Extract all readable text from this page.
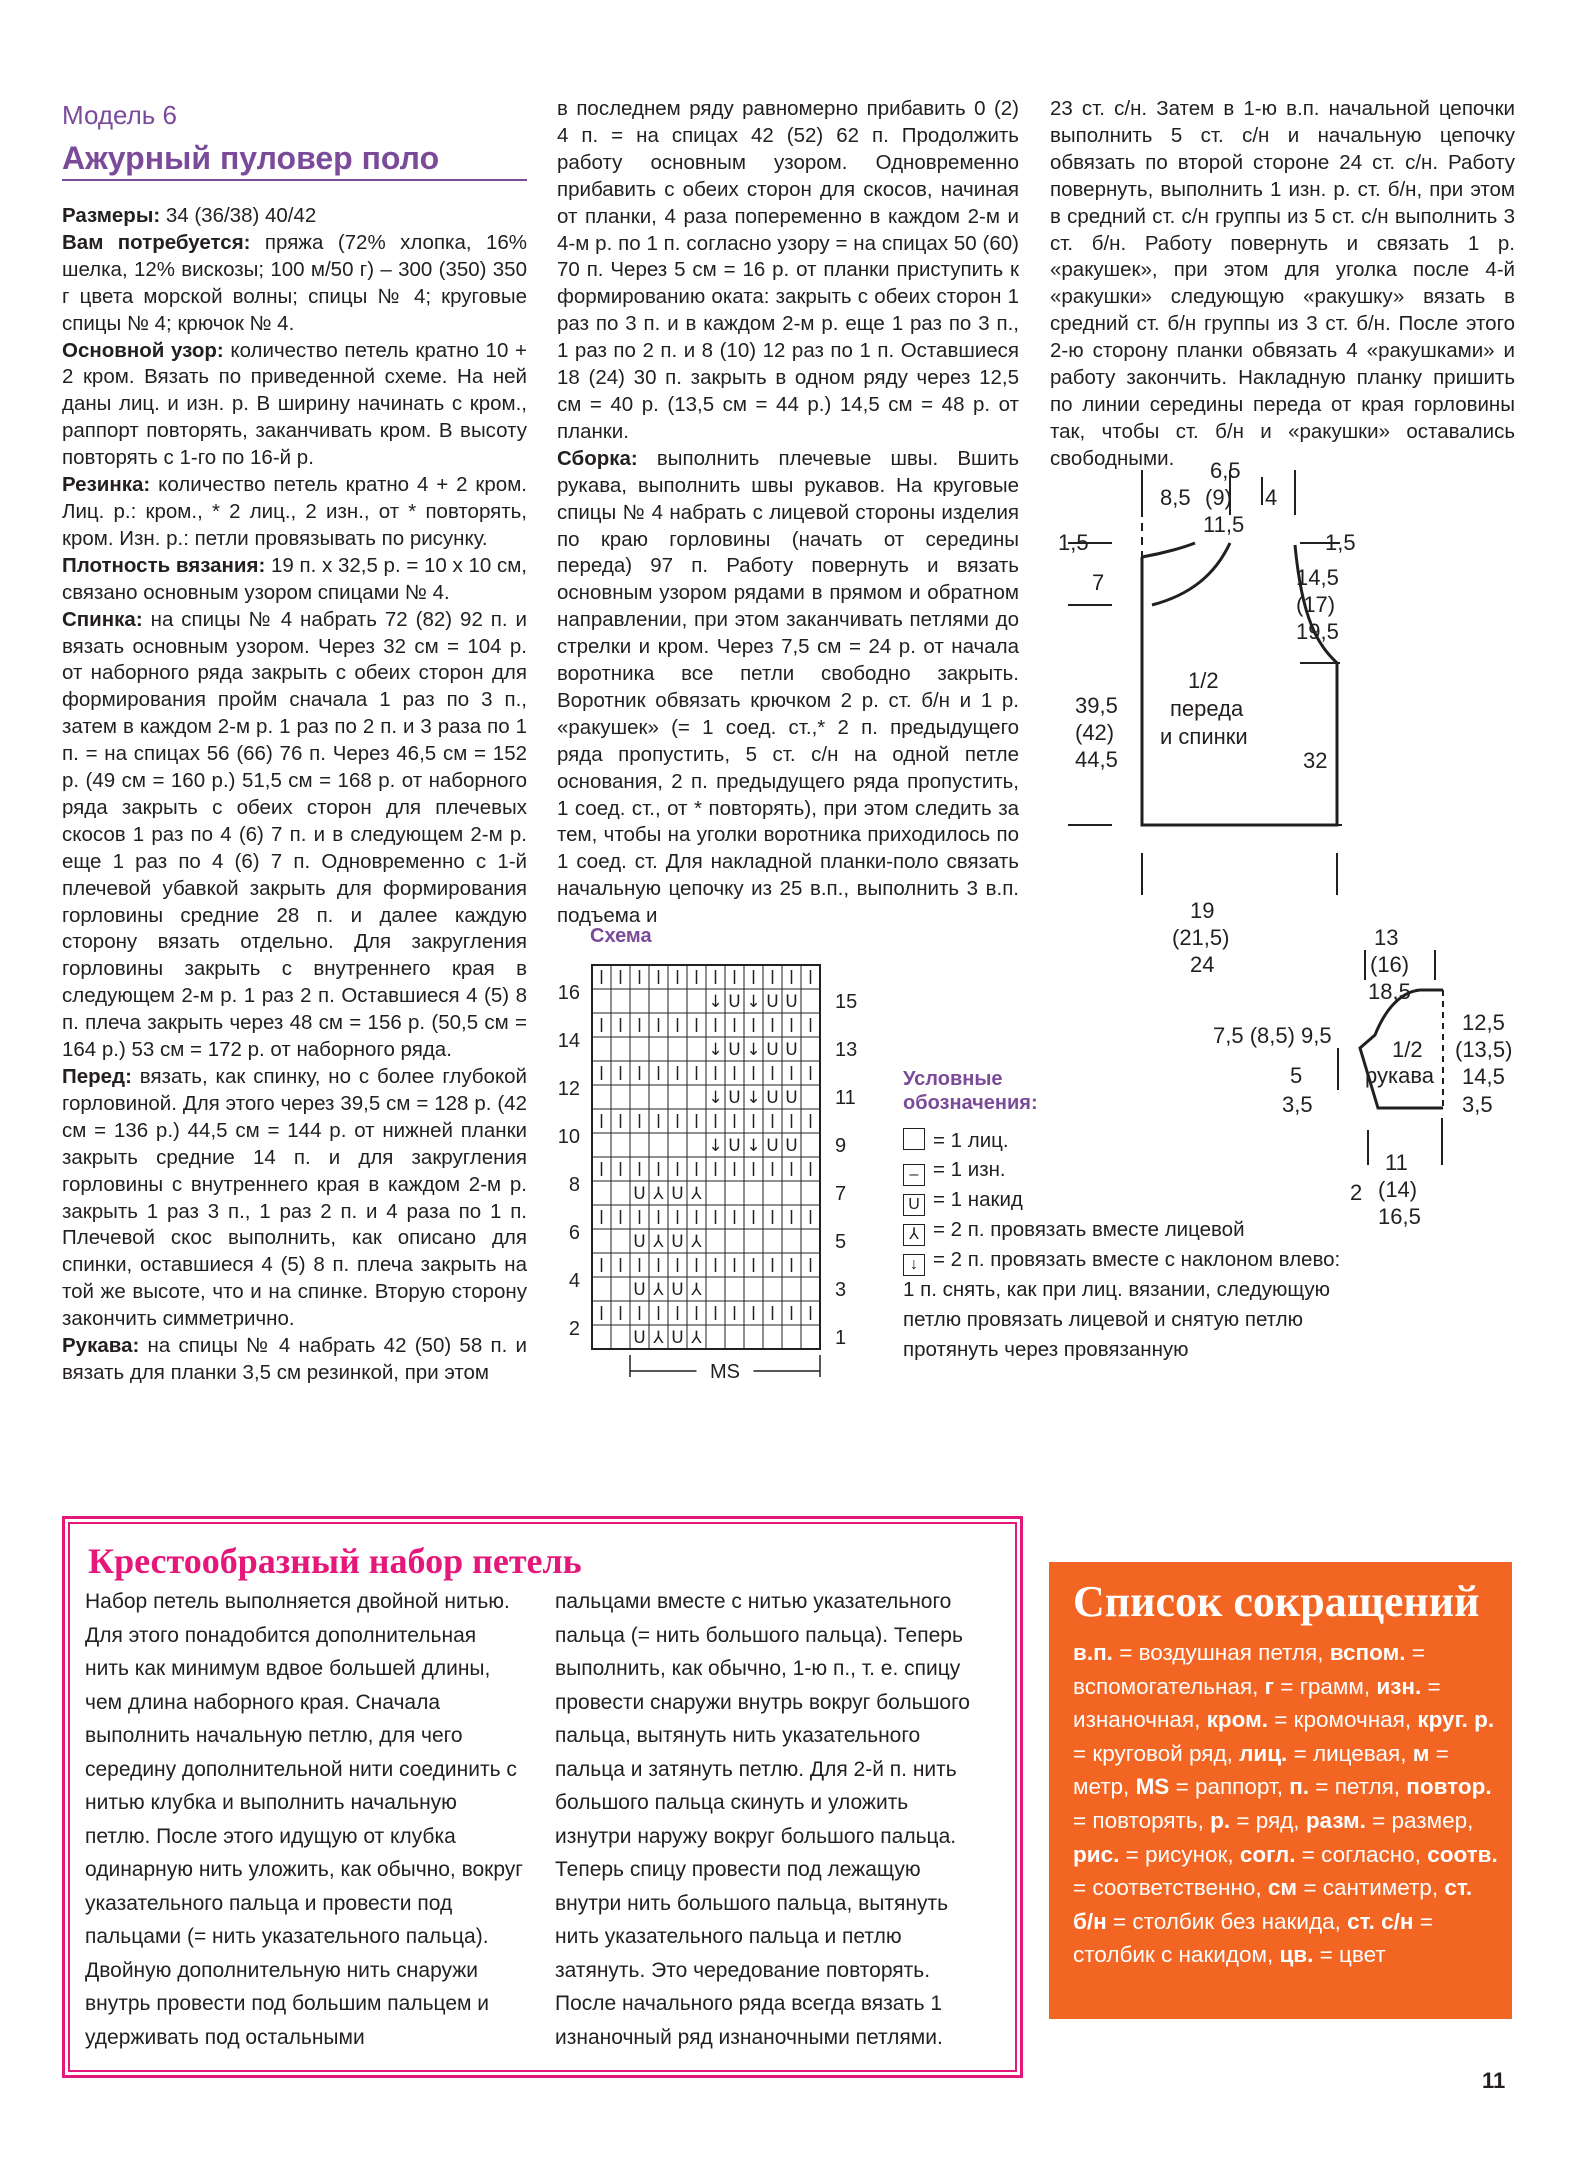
Модель 6
Ажурный пуловер поло

Размеры: 34 (36/38) 40/42

Вам потребуется: пряжа (72% хлопка, 16% шелка, 12% вискозы; 100 м/50 г) – 300 (350) 350 г цвета морской волны; спицы № 4; круговые спицы № 4; крючок № 4.

Основной узор: количество петель кратно 10 + 2 кром. Вязать по приведенной схеме. На ней даны лиц. и изн. р. В ширину начинать с кром., раппорт повторять, заканчивать кром. В высоту повторять с 1-го по 16-й р.

Резинка: количество петель кратно 4 + 2 кром. Лиц. р.: кром., * 2 лиц., 2 изн., от * повторять, кром. Изн. р.: петли провязывать по рисунку.

Плотность вязания: 19 п. х 32,5 р. = 10 х 10 см, связано основным узором спицами № 4.

Спинка: на спицы № 4 набрать 72 (82) 92 п. и вязать основным узором. Через 32 см = 104 р. от наборного ряда закрыть с обеих сторон для формирования пройм сначала 1 раз по 3 п., затем в каждом 2-м р. 1 раз по 2 п. и 3 раза по 1 п. = на спицах 56 (66) 76 п. Через 46,5 см = 152 р. (49 см = 160 р.) 51,5 см = 168 р. от наборного ряда закрыть с обеих сторон для плечевых скосов 1 раз по 4 (6) 7 п. и в следующем 2-м р. еще 1 раз по 4 (6) 7 п. Одновременно с 1-й плечевой убавкой закрыть для формирования горловины средние 28 п. и далее каждую сторону вязать отдельно. Для закругления горловины закрыть с внутреннего края в следующем 2-м р. 1 раз 2 п. Оставшиеся 4 (5) 8 п. плеча закрыть через 48 см = 156 р. (50,5 см = 164 р.) 53 см = 172 р. от наборного ряда.

Перед: вязать, как спинку, но с более глубокой горловиной. Для этого через 39,5 см = 128 р. (42 см = 136 р.) 44,5 см = 144 р. от нижней планки закрыть средние 14 п. и для закругления горловины с внутреннего края в каждом 2-м р. закрыть 1 раз 3 п., 1 раз 2 п. и 4 раза по 1 п. Плечевой скос выполнить, как описано для спинки, оставшиеся 4 (5) 8 п. плеча закрыть на той же высоте, что и на спинке. Вторую сторону закончить симметрично.

Рукава: на спицы № 4 набрать 42 (50) 58 п. и вязать для планки 3,5 см резинкой, при этом

в последнем ряду равномерно прибавить 0 (2) 4 п. = на спицах 42 (52) 62 п. Продолжить работу основным узором. Одновременно прибавить с обеих сторон для скосов, начиная от планки, 4 раза попеременно в каждом 2-м и 4-м р. по 1 п. согласно узору = на спицах 50 (60) 70 п. Через 5 см = 16 р. от планки приступить к формированию оката: закрыть с обеих сторон 1 раз по 3 п. и в каждом 2-м р. еще 1 раз по 3 п., 1 раз по 2 п. и 8 (10) 12 раз по 1 п. Оставшиеся 18 (24) 30 п. закрыть в одном ряду через 12,5 см = 40 р. (13,5 см = 44 р.) 14,5 см = 48 р. от планки.

Сборка: выполнить плечевые швы. Вшить рукава, выполнить швы рукавов. На круговые спицы № 4 набрать с лицевой стороны изделия по краю горловины (начать от середины переда) 97 п. Работу повернуть и вязать основным узором рядами в прямом и обратном направлении, при этом заканчивать петлями до стрелки и кром. Через 7,5 см = 24 р. от начала воротника все петли свободно закрыть. Воротник обвязать крючком 2 р. ст. б/н и 1 р. «ракушек» (= 1 соед. ст.,* 2 п. предыдущего ряда пропустить, 5 ст. с/н на одной петле основания, 2 п. предыдущего ряда пропустить, 1 соед. ст., от * повторять), при этом следить за тем, чтобы на уголки воротника приходилось по 1 соед. ст. Для накладной планки-поло связать начальную цепочку из 25 в.п., выполнить 3 в.п. подъема и

23 ст. с/н. Затем в 1-ю в.п. начальной цепочки выполнить 5 ст. с/н и начальную цепочку обвязать по второй стороне 24 ст. с/н. Работу повернуть, выполнить 1 изн. р. ст. б/н, при этом в средний ст. с/н группы из 5 ст. с/н выполнить 3 ст. б/н. Работу повернуть и связать 1 р. «ракушек», при этом для уголка после 4-й «ракушки» следующую «ракушку» вязать в средний ст. б/н группы из 3 ст. б/н. После этого 2-ю сторону планки обвязать 4 «ракушками» и работу закончить. Накладную планку пришить по линии середины переда от края горловины так, чтобы ст. б/н и «ракушки» оставались свободными.	6,5
8,5 (9) 4
11,5
1,5
7
1,5
14,5
(17)
19,5
1/2
переда
и спинки
39,5
(42)
44,5	32
19
(21,5)
24
13
(16)
18,5
7,5 (8,5) 9,5
5
3,5
1/2
рукава
12,5
(13,5)
14,5
3,5
11
(14)
16,5
2
Схема
↓ U ↓ U U
↓ U ↓ U U
↓ U ↓ U U
↓ U ↓ U U
U ⅄ U ⅄
U ⅄ U ⅄
U ⅄ U ⅄
U ⅄ U ⅄
16
14
12
10
8
6
4
2
15
13
11
9
7
5
3
1
MS
Условные обозначения:
= 1 лиц.
– = 1 изн.
U = 1 накид
⅄ = 2 п. провязать вместе лицевой
↓ = 2 п. провязать вместе с наклоном влево:
1 п. снять, как при лиц. вязании, следующую
петлю провязать лицевой и снятую петлю
протянуть через провязанную
Крестообразный набор петель

Набор петель выполняется двойной нитью. Для этого понадобится дополнительная нить как минимум вдвое большей длины, чем длина наборного края. Сначала выполнить начальную петлю, для чего середину дополнительной нити соединить с нитью клубка и выполнить начальную петлю. После этого идущую от клубка одинарную нить уложить, как обычно, вокруг указательного пальца и провести под пальцами (= нить указательного пальца). Двойную дополнительную нить снаружи внутрь провести под большим пальцем и удерживать под остальными

пальцами вместе с нитью указательного пальца (= нить большого пальца). Теперь выполнить, как обычно, 1-ю п., т. е. спицу провести снаружи внутрь вокруг большого пальца, вытянуть нить указательного пальца и затянуть петлю. Для 2-й п. нить большого пальца скинуть и уложить изнутри наружу вокруг большого пальца. Теперь спицу провести под лежащую внутри нить большого пальца, вытянуть нить указательного пальца и петлю затянуть. Это чередование повторять. После начального ряда всегда вязать 1 изнаночный ряд изнаночными петлями.

Список сокращений

в.п. = воздушная петля, вспом. = вспомогательная, г = грамм, изн. = изнаночная, кром. = кромочная, круг. р. = круговой ряд, лиц. = лицевая, м = метр, MS = раппорт, п. = петля, повтор. = повторять, р. = ряд, разм. = размер, рис. = рисунок, согл. = согласно, соотв. = соответственно, см = сантиметр, ст. б/н = столбик без накида, ст. с/н = столбик с накидом, цв. = цвет

11
